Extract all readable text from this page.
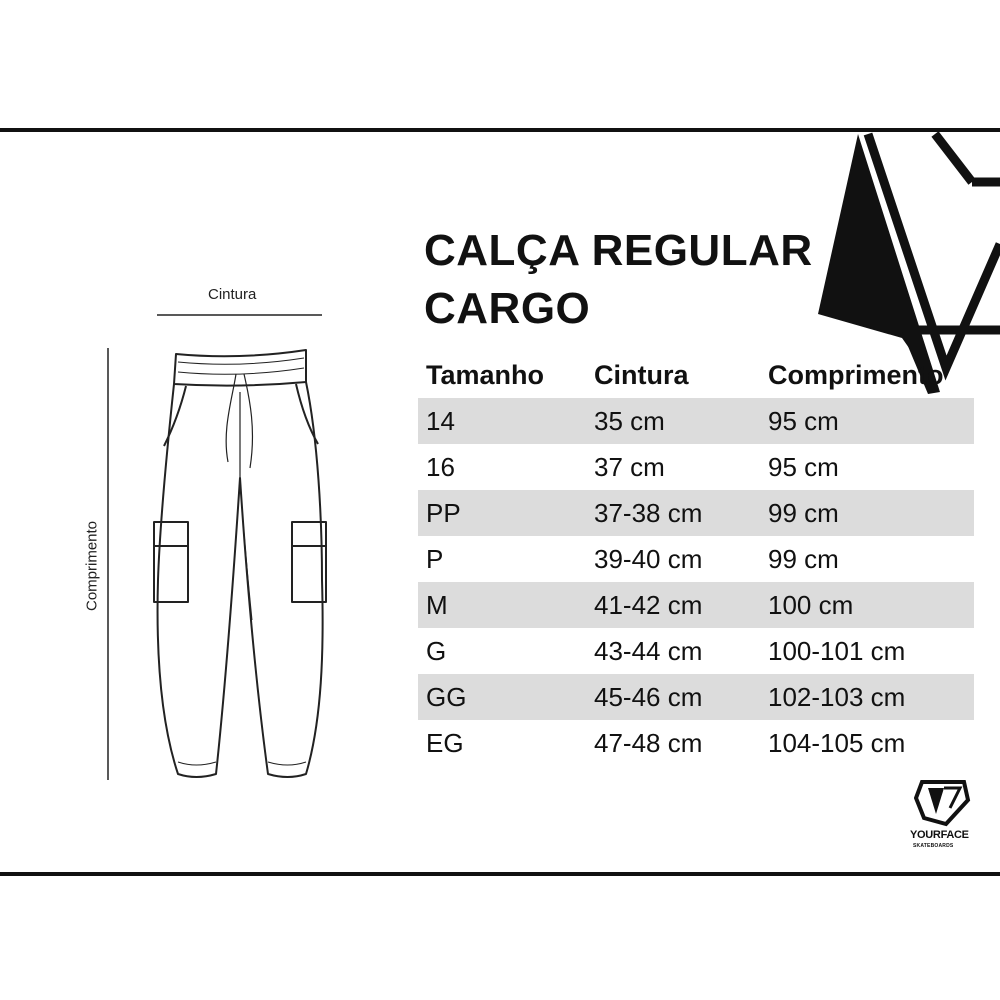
CALÇA REGULAR
CARGO
Cintura
Comprimento
Tamanho	Cintura	Comprimento
14	35 cm	95 cm
16	37 cm	95 cm
PP	37-38 cm	99 cm
P	39-40 cm	99 cm
M	41-42 cm	100 cm
G	43-44 cm	100-101 cm
GG	45-46 cm	102-103 cm
EG	47-48 cm	104-105 cm
YOURFACE
SKATEBOARDS
